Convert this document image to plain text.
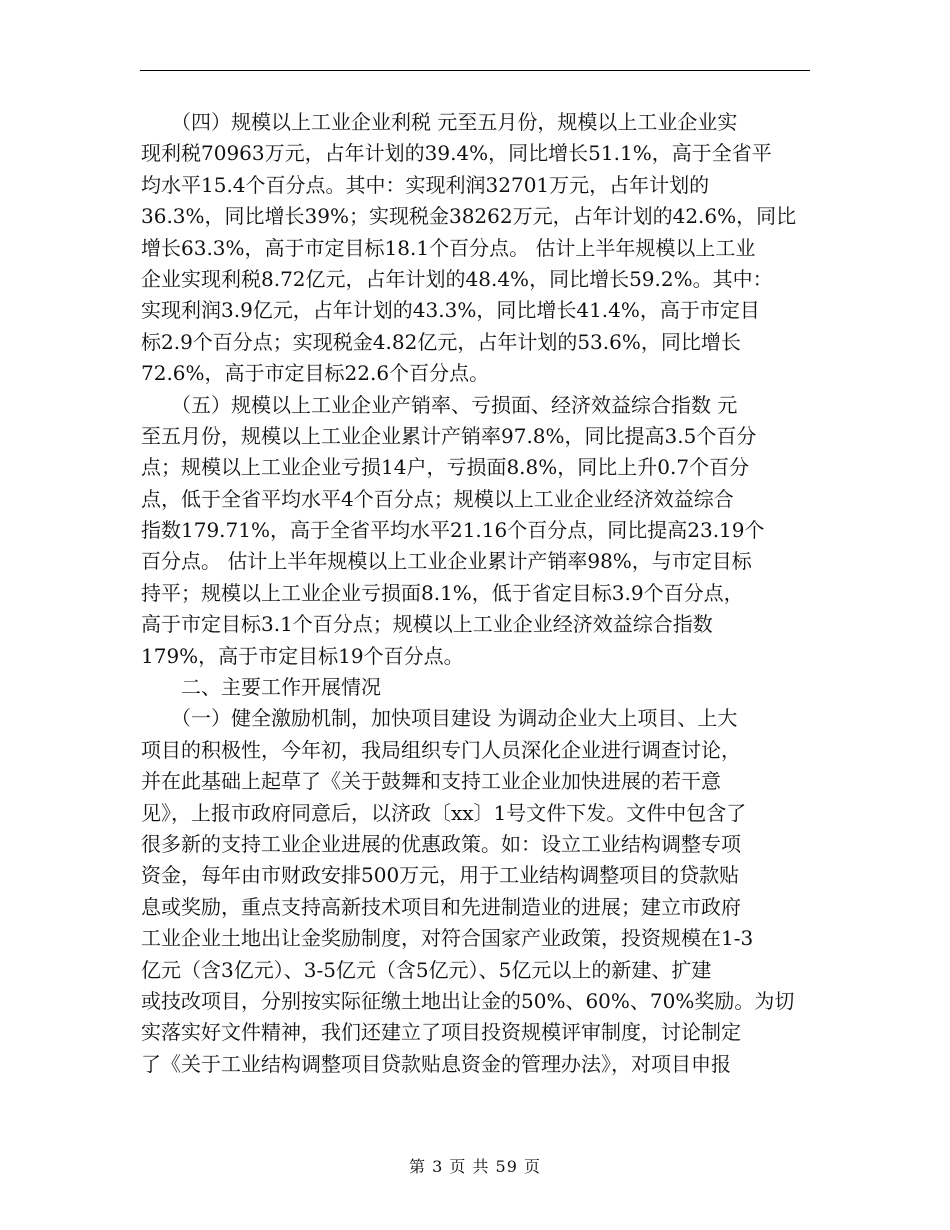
　　（四）规模以上工业企业利税 元至五月份，规模以上工业企业实
现利税70963万元，占年计划的39.4%，同比增长51.1%，高于全省平
均水平15.4个百分点。其中：实现利润32701万元，占年计划的
36.3%，同比增长39%；实现税金38262万元，占年计划的42.6%，同比
增长63.3%，高于市定目标18.1个百分点。 估计上半年规模以上工业
企业实现利税8.72亿元，占年计划的48.4%，同比增长59.2%。其中：
实现利润3.9亿元，占年计划的43.3%，同比增长41.4%，高于市定目
标2.9个百分点；实现税金4.82亿元，占年计划的53.6%，同比增长
72.6%，高于市定目标22.6个百分点。
　　（五）规模以上工业企业产销率、亏损面、经济效益综合指数 元
至五月份，规模以上工业企业累计产销率97.8%，同比提高3.5个百分
点；规模以上工业企业亏损14户，亏损面8.8%，同比上升0.7个百分
点，低于全省平均水平4个百分点；规模以上工业企业经济效益综合
指数179.71%，高于全省平均水平21.16个百分点，同比提高23.19个
百分点。 估计上半年规模以上工业企业累计产销率98%，与市定目标
持平；规模以上工业企业亏损面8.1%，低于省定目标3.9个百分点，
高于市定目标3.1个百分点；规模以上工业企业经济效益综合指数
179%，高于市定目标19个百分点。
　　二、主要工作开展情况
　　（一）健全激励机制，加快项目建设 为调动企业大上项目、上大
项目的积极性，今年初，我局组织专门人员深化企业进行调查讨论，
并在此基础上起草了《关于鼓舞和支持工业企业加快进展的若干意
见》，上报市政府同意后，以济政〔xx〕1号文件下发。文件中包含了
很多新的支持工业企业进展的优惠政策。如：设立工业结构调整专项
资金，每年由市财政安排500万元，用于工业结构调整项目的贷款贴
息或奖励，重点支持高新技术项目和先进制造业的进展；建立市政府
工业企业土地出让金奖励制度，对符合国家产业政策，投资规模在1-3
亿元（含3亿元）、3-5亿元（含5亿元）、5亿元以上的新建、扩建
或技改项目，分别按实际征缴土地出让金的50%、60%、70%奖励。为切
实落实好文件精神，我们还建立了项目投资规模评审制度，讨论制定
了《关于工业结构调整项目贷款贴息资金的管理办法》，对项目申报
第 3 页 共 59 页
